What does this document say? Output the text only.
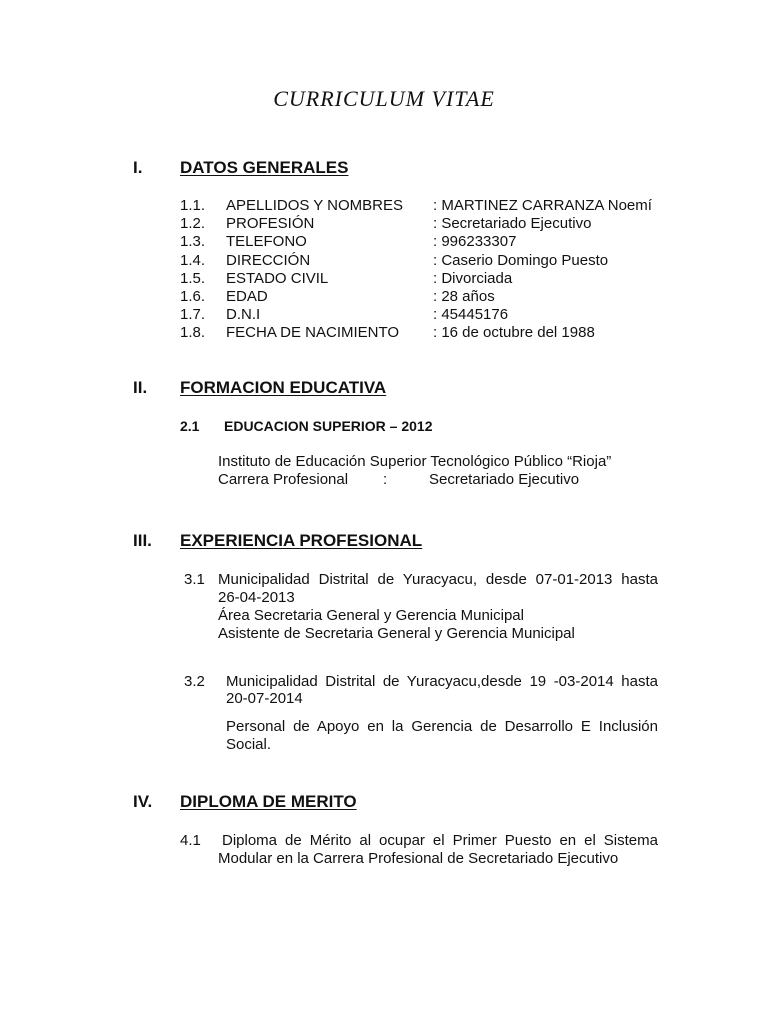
CURRICULUM VITAE
I. DATOS GENERALES
1.1. APELLIDOS Y NOMBRES : MARTINEZ CARRANZA Noemí
1.2. PROFESIÓN	: Secretariado Ejecutivo
1.3. TELEFONO	: 996233307
1.4. DIRECCIÓN	: Caserio Domingo Puesto
1.5. ESTADO CIVIL	: Divorciada
1.6. EDAD	: 28 años
1.7. D.N.I	: 45445176
1.8. FECHA DE NACIMIENTO : 16 de octubre del 1988
II. FORMACION EDUCATIVA
2.1 EDUCACION SUPERIOR – 2012
Instituto de Educación Superior Tecnológico Público “Rioja”
Carrera Profesional :	Secretariado Ejecutivo
III. EXPERIENCIA PROFESIONAL
3.1 Municipalidad Distrital de Yuracyacu, desde 07-01-2013 hasta
26-04-2013
Área Secretaria General y Gerencia Municipal
Asistente de Secretaria General y Gerencia Municipal
3.2 Municipalidad Distrital de Yuracyacu,desde 19 -03-2014 hasta
20-07-2014
Personal de Apoyo en la Gerencia de Desarrollo E Inclusión
Social.
IV. DIPLOMA DE MERITO
4.1 Diploma de Mérito al ocupar el Primer Puesto en el Sistema
Modular en la Carrera Profesional de Secretariado Ejecutivo
